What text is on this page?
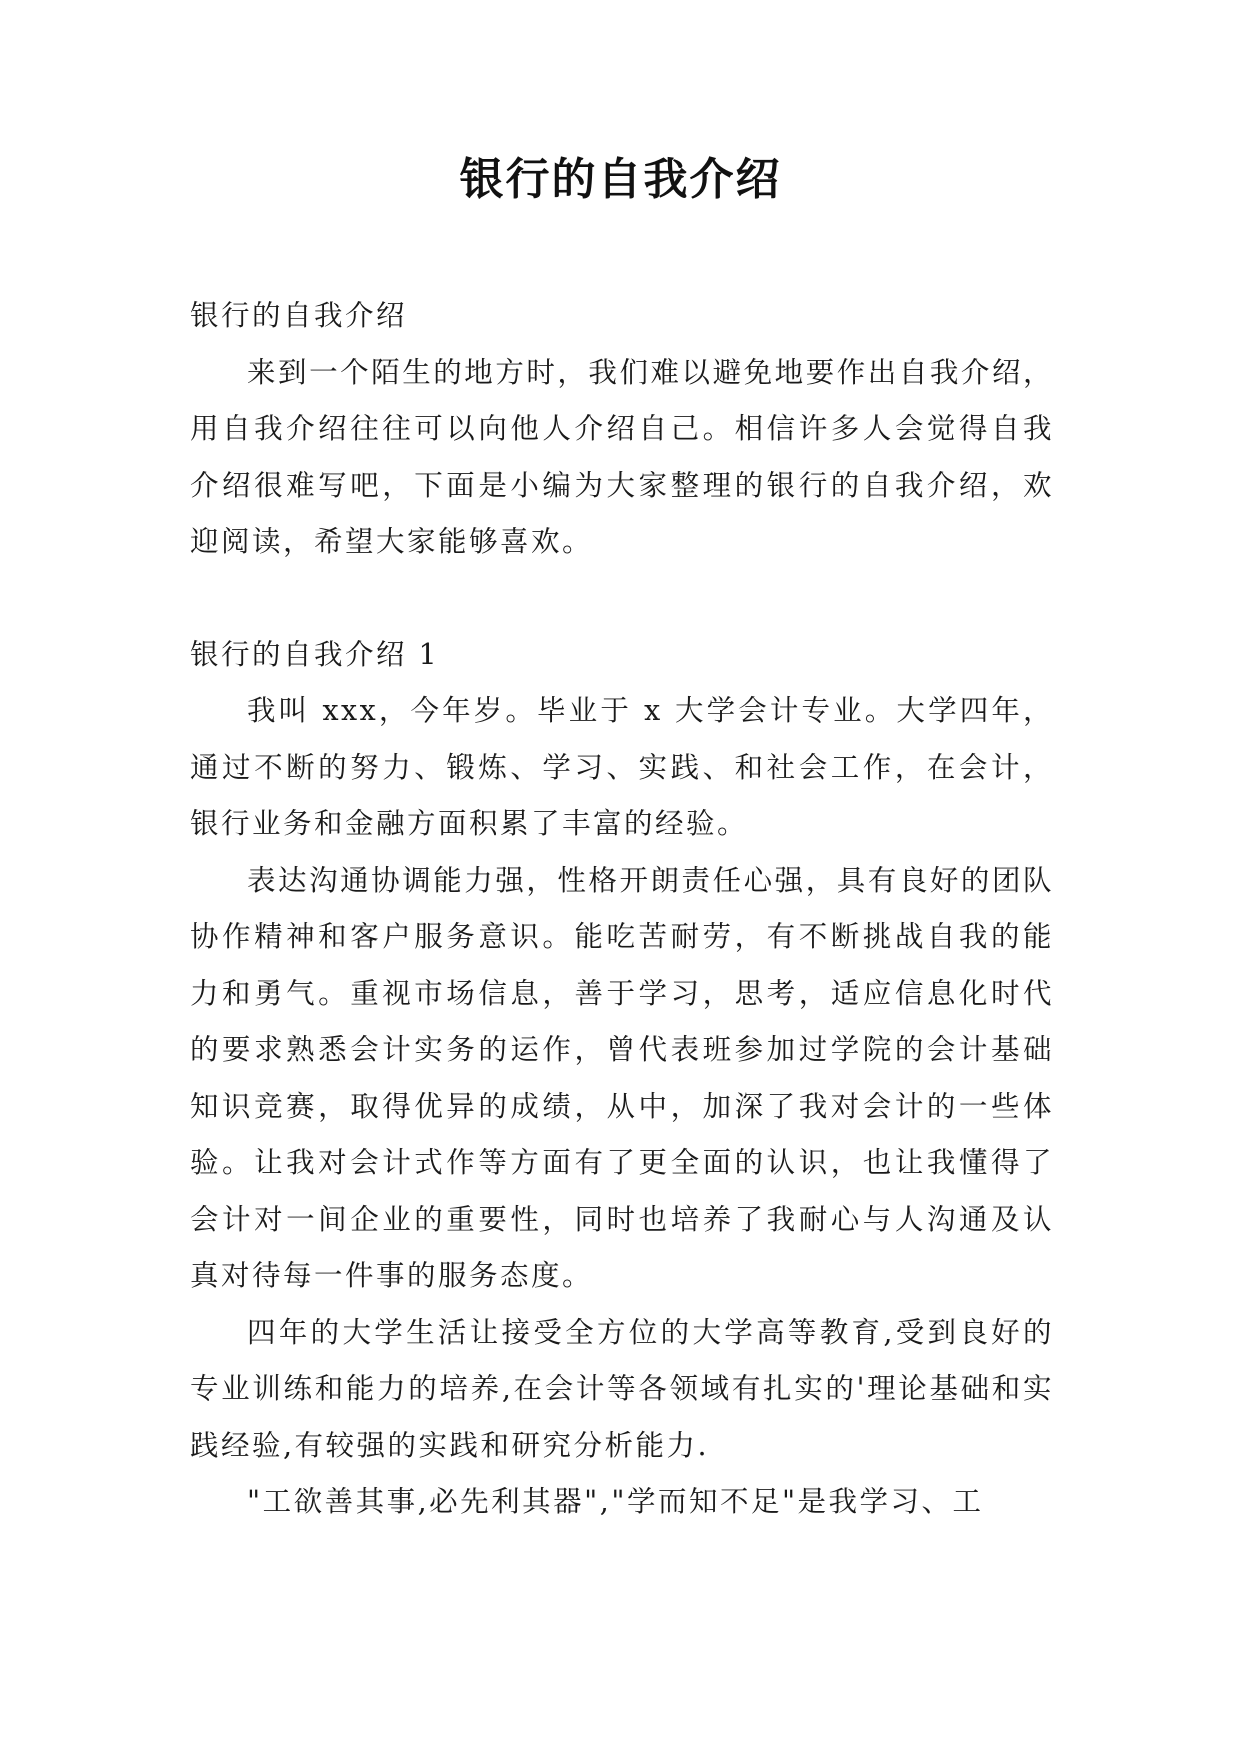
银行的自我介绍

银行的自我介绍

来到一个陌生的地方时，我们难以避免地要作出自我介绍，用自我介绍往往可以向他人介绍自己。相信许多人会觉得自我介绍很难写吧，下面是小编为大家整理的银行的自我介绍，欢迎阅读，希望大家能够喜欢。

银行的自我介绍 1

我叫 xxx，今年岁。毕业于 x 大学会计专业。大学四年，通过不断的努力、锻炼、学习、实践、和社会工作，在会计，银行业务和金融方面积累了丰富的经验。

表达沟通协调能力强，性格开朗责任心强，具有良好的团队协作精神和客户服务意识。能吃苦耐劳，有不断挑战自我的能力和勇气。重视市场信息，善于学习，思考，适应信息化时代的要求熟悉会计实务的运作，曾代表班参加过学院的会计基础知识竞赛，取得优异的成绩，从中，加深了我对会计的一些体验。让我对会计式作等方面有了更全面的认识，也让我懂得了会计对一间企业的重要性，同时也培养了我耐心与人沟通及认真对待每一件事的服务态度。

四年的大学生活让接受全方位的大学高等教育,受到良好的专业训练和能力的培养,在会计等各领域有扎实的'理论基础和实践经验,有较强的实践和研究分析能力.

"工欲善其事,必先利其器","学而知不足"是我学习、工
